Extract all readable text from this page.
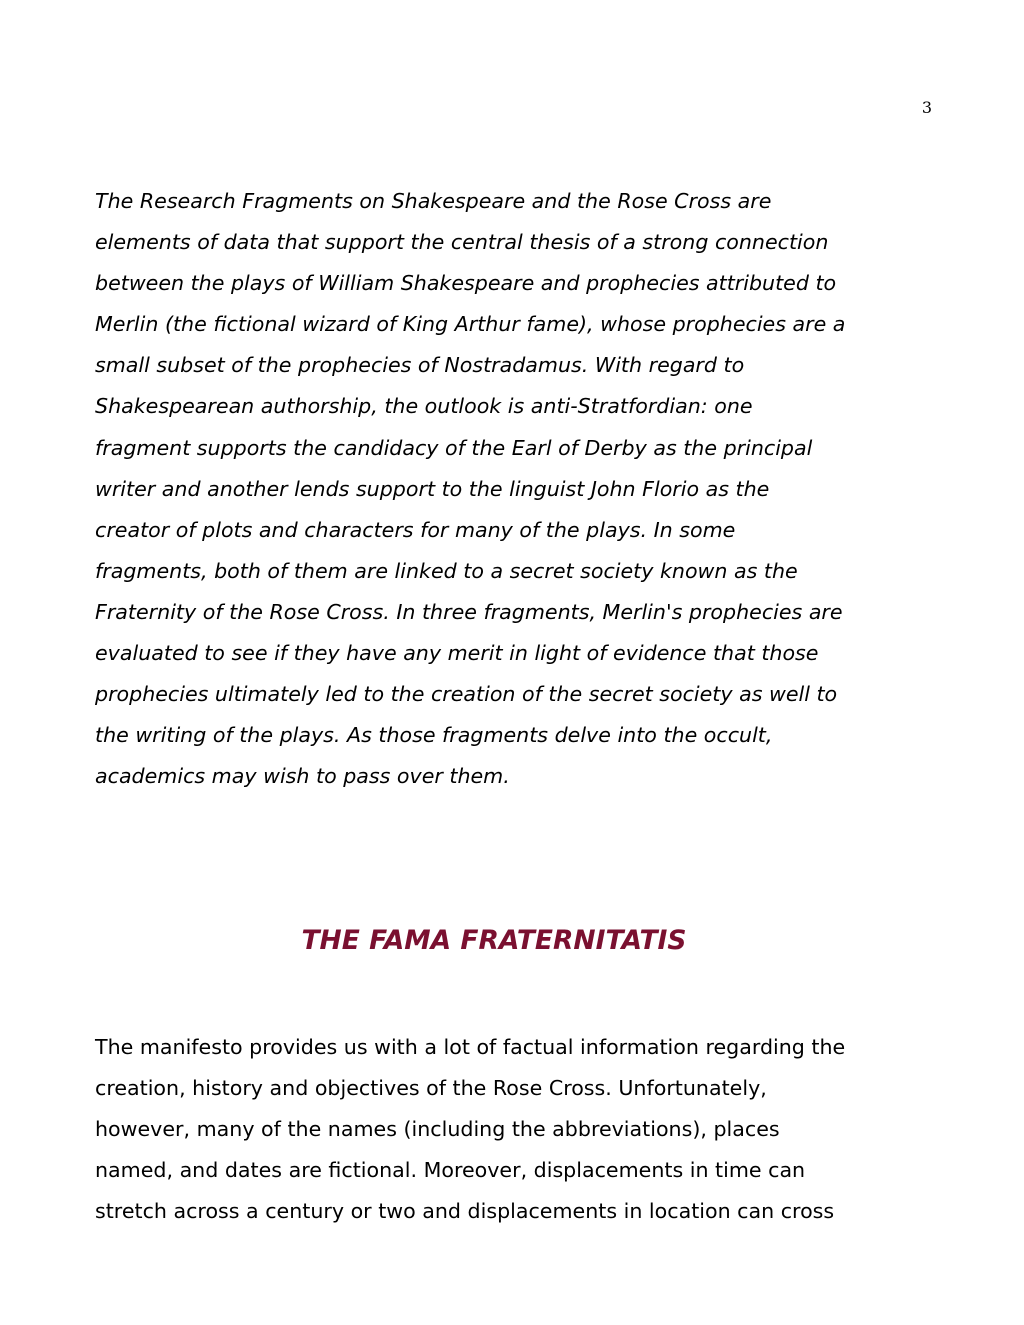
3
The Research Fragments on Shakespeare and the Rose Cross are
elements of data that support the central thesis of a strong connection
between the plays of William Shakespeare and prophecies attributed to
Merlin (the fictional wizard of King Arthur fame), whose prophecies are a
small subset of the prophecies of Nostradamus. With regard to
Shakespearean authorship, the outlook is anti-Stratfordian: one
fragment supports the candidacy of the Earl of Derby as the principal
writer and another lends support to the linguist John Florio as the
creator of plots and characters for many of the plays. In some
fragments, both of them are linked to a secret society known as the
Fraternity of the Rose Cross. In three fragments, Merlin's prophecies are
evaluated to see if they have any merit in light of evidence that those
prophecies ultimately led to the creation of the secret society as well to
the writing of the plays. As those fragments delve into the occult,
academics may wish to pass over them.
THE FAMA FRATERNITATIS
The manifesto provides us with a lot of factual information regarding the
creation, history and objectives of the Rose Cross. Unfortunately,
however, many of the names (including the abbreviations), places
named, and dates are fictional. Moreover, displacements in time can
stretch across a century or two and displacements in location can cross
